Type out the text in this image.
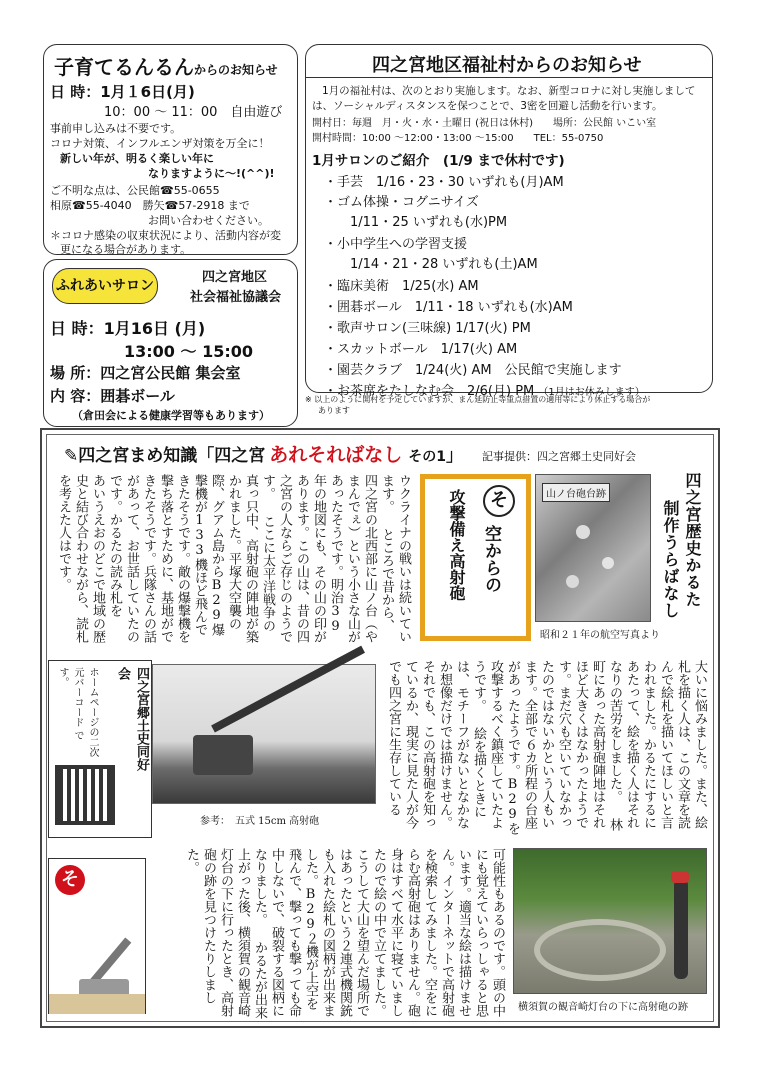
子育てるんるんからのお知らせ
日 時：1月１6日(月)
10：00 ～ 11：00　自由遊び
事前申し込みは不要です。
コロナ対策、インフルエンザ対策を万全に！
新しい年が、明るく楽しい年に
なりますように～!(^^)!
ご不明な点は、公民館☎55-0655
相原☎55-4040　勝矢☎57-2918 まで
お問い合わせください。
＊コロナ感染の収束状況により、活動内容が変
更になる場合があります。
ふれあいサロン
四之宮地区
社会福祉協議会
日 時：1月16日 (月)
13:00 ～ 15:00
場 所：四之宮公民館 集会室
内 容：囲碁ボール
（倉田会による健康学習等もあります）
四之宮地区福祉村からのお知らせ
1月の福祉村は、次のとおり実施します。なお、新型コロナに対し実施しまして
は、ソーシャルディスタンスを保つことで、3密を回避し活動を行います。
開村日：毎週　月・火・水・土曜日 (祝日は休村)　　場所：公民館 いこい室
開村時間：10:00 ～12:00・13:00 ～15:00　　TEL：55-0750
1月サロンのご紹介　(1/9 まで休村です)
・手芸　1/16・23・30 いずれも(月)AM
・ゴム体操・コグニサイズ
　　1/11・25 いずれも(水)PM
・小中学生への学習支援
　　1/14・21・28 いずれも(土)AM
・臨床美術　1/25(水) AM
・囲碁ボール　1/11・18 いずれも(水)AM
・歌声サロン(三味線) 1/17(火) PM
・スカットボール　1/17(火) AM
・園芸クラブ　1/24(火) AM　公民館で実施します
・お茶席をたしなむ会　2/6(月) PM （1月はお休みします）
※ 以上のように開村を予定していますが、まん延防止等重点措置の適用等により休止する場合が
あります
✎四之宮まめ知識「四之宮 あれそればなし その1」 記事提供：四之宮郷土史同好会
四之宮歴史かるた
制作うらばなし
山ノ台砲台跡
昭和２１年の航空写真より
そ
空からの
攻撃備え高射砲
ウクライナの戦いは続いています。 ところで昔から、四之宮の北西部に山ノ台（やまんでぇ）という小さな山があったそうです。明治39年の地図にも、その山の印があります。この山は、昔の四之宮の人ならご存じのようです。 ここに太平洋戦争の真っ只中、高射砲の陣地が築かれました。平塚大空襲の際、グアム島からB29爆撃機が133機ほど飛んできたそうです。敵の爆撃機を撃ち落とすために、基地ができたそうです。兵隊さんの話があって、お世話していたのです。かるたの読み札を あいうえおのどこで地域の歴史と結び合わせながら、読札を考えた人はです。
大いに悩みました。また、絵札を描く人は、この文章を読んで絵札を描いてほしいと言われました。かるたにするにあたって、絵を描く人はそれなりの苦労をしました。 林町にあった高射砲陣地はそれほど大きくはなかったようです。まだ穴も空いていなかったのではないかという人もいます。全部で６カ所程の台座があったようです。B29を攻撃するべく鎮座していたようです。 絵を描くときには、モチーフがないとなかなか想像だけでは描けません。それでも、この高射砲を知っているか、現実に見た人が今でも四之宮に生存している
四之宮郷土史同好会
ホームページの二次元バーコード です。
参考：　五式 15cm 高射砲
そ	可能性もあるのです。頭の中にも覚えていらっしゃると思います。適当な絵は描けません。インターネットで高射砲を検索してみました。空をにらむ高射砲はありません。砲身はすべて水平に寝ていましたので絵の中で立てました。 こうして大山を望んだ場所ではあったという２連式機関銃も入れた絵札の図柄が出来ました。B29２機が上空を飛んで、撃っても撃っても命中しないで、破裂する図柄になりました。 かるたが出来上がった後、横須賀の観音崎灯台の下に行ったとき、高射砲の跡を見つけたりしました。
横須賀の観音崎灯台の下に高射砲の跡
